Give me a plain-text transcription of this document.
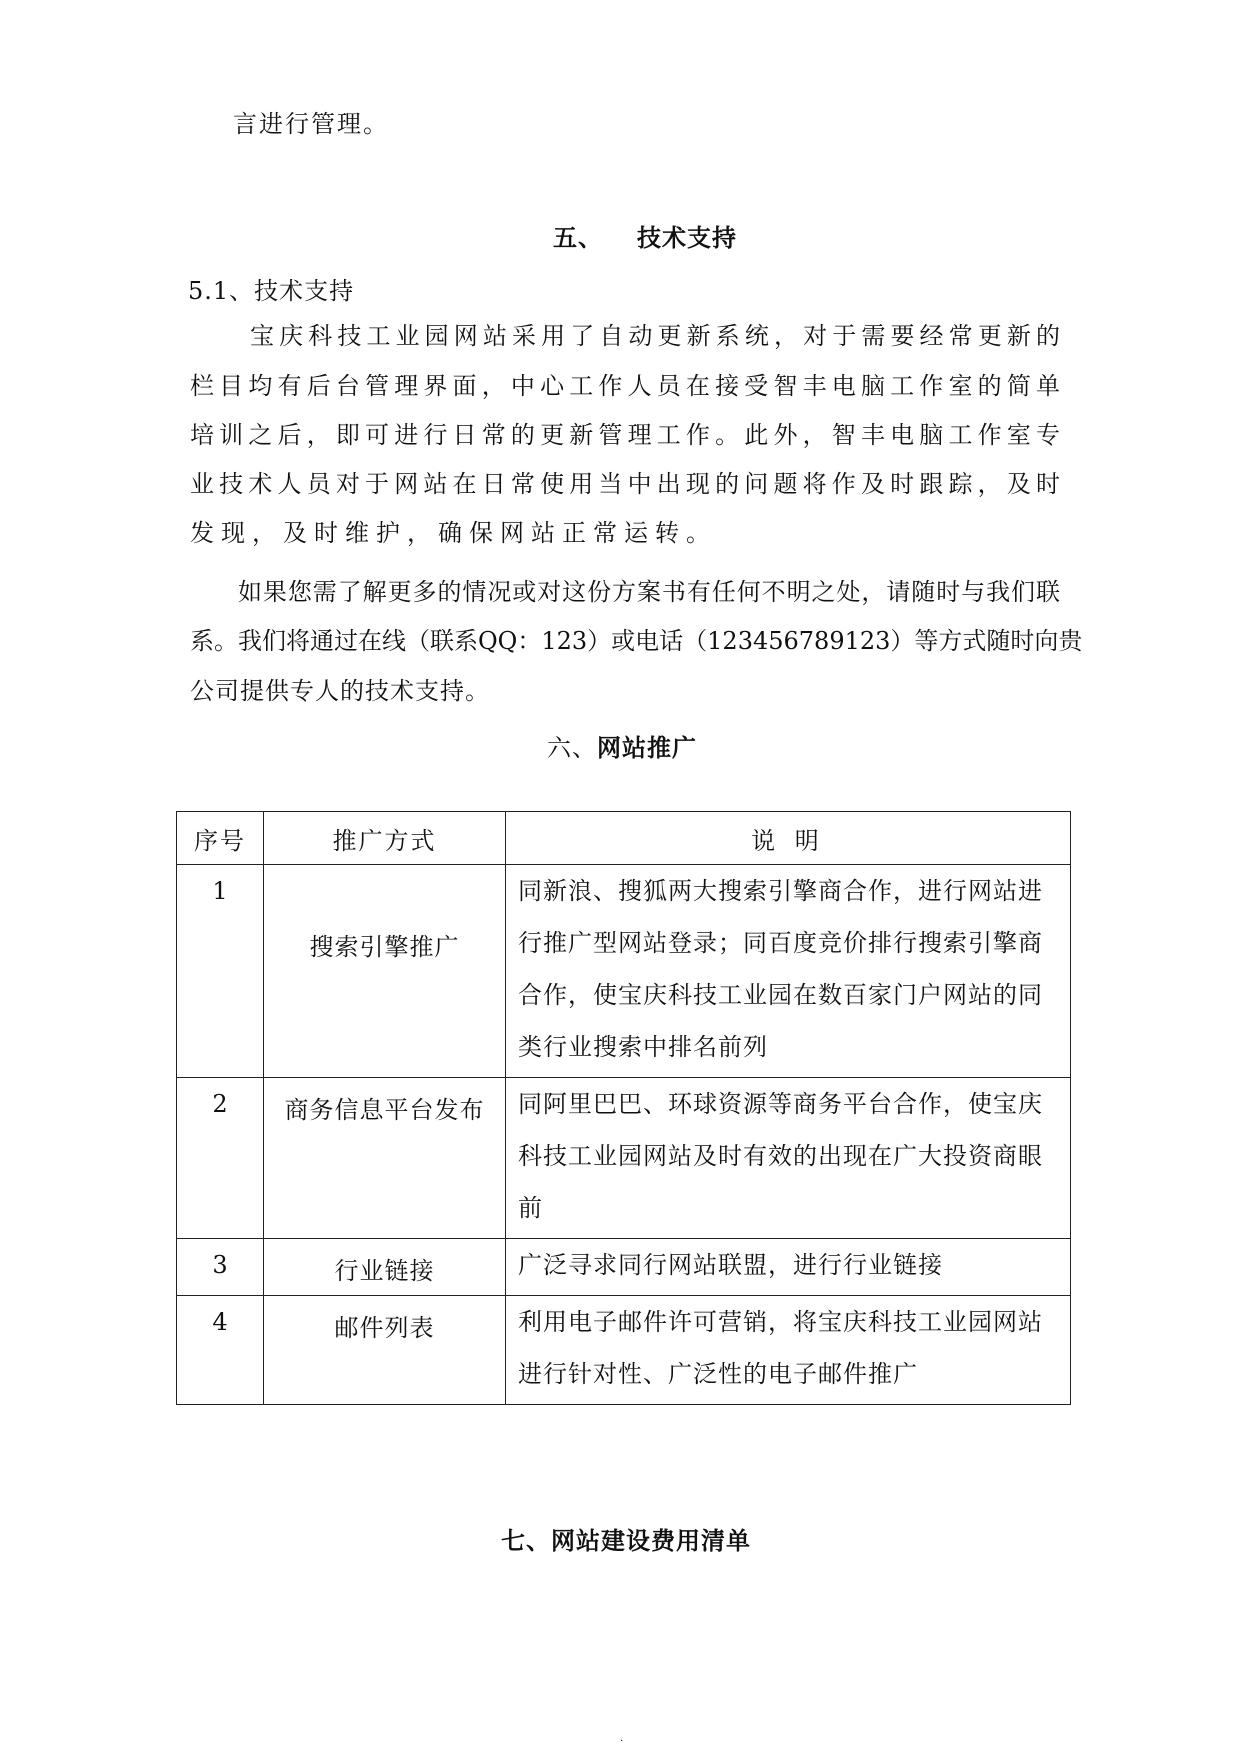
言进行管理。
五、 技术支持
5.1、技术支持
宝庆科技工业园网站采用了自动更新系统，对于需要经常更新的
栏目均有后台管理界面，中心工作人员在接受智丰电脑工作室的简单
培训之后，即可进行日常的更新管理工作。此外，智丰电脑工作室专
业技术人员对于网站在日常使用当中出现的问题将作及时跟踪，及时
发现，及时维护，确保网站正常运转。
如果您需了解更多的情况或对这份方案书有任何不明之处，请随时与我们联
系。我们将通过在线（联系QQ：123）或电话（123456789123）等方式随时向贵
公司提供专人的技术支持。
六、 网站推广
序号	推广方式	说 明

1	搜索引擎推广	同新浪、搜狐两大搜索引擎商合作，进行网站进行推广型网站登录；同百度竞价排行搜索引擎商合作，使宝庆科技工业园在数百家门户网站的同类行业搜索中排名前列

2	商务信息平台发布	同阿里巴巴、环球资源等商务平台合作，使宝庆科技工业园网站及时有效的出现在广大投资商眼前

3	行业链接	广泛寻求同行网站联盟，进行行业链接

4	邮件列表	利用电子邮件许可营销，将宝庆科技工业园网站进行针对性、广泛性的电子邮件推广
七、网站建设费用清单
.
